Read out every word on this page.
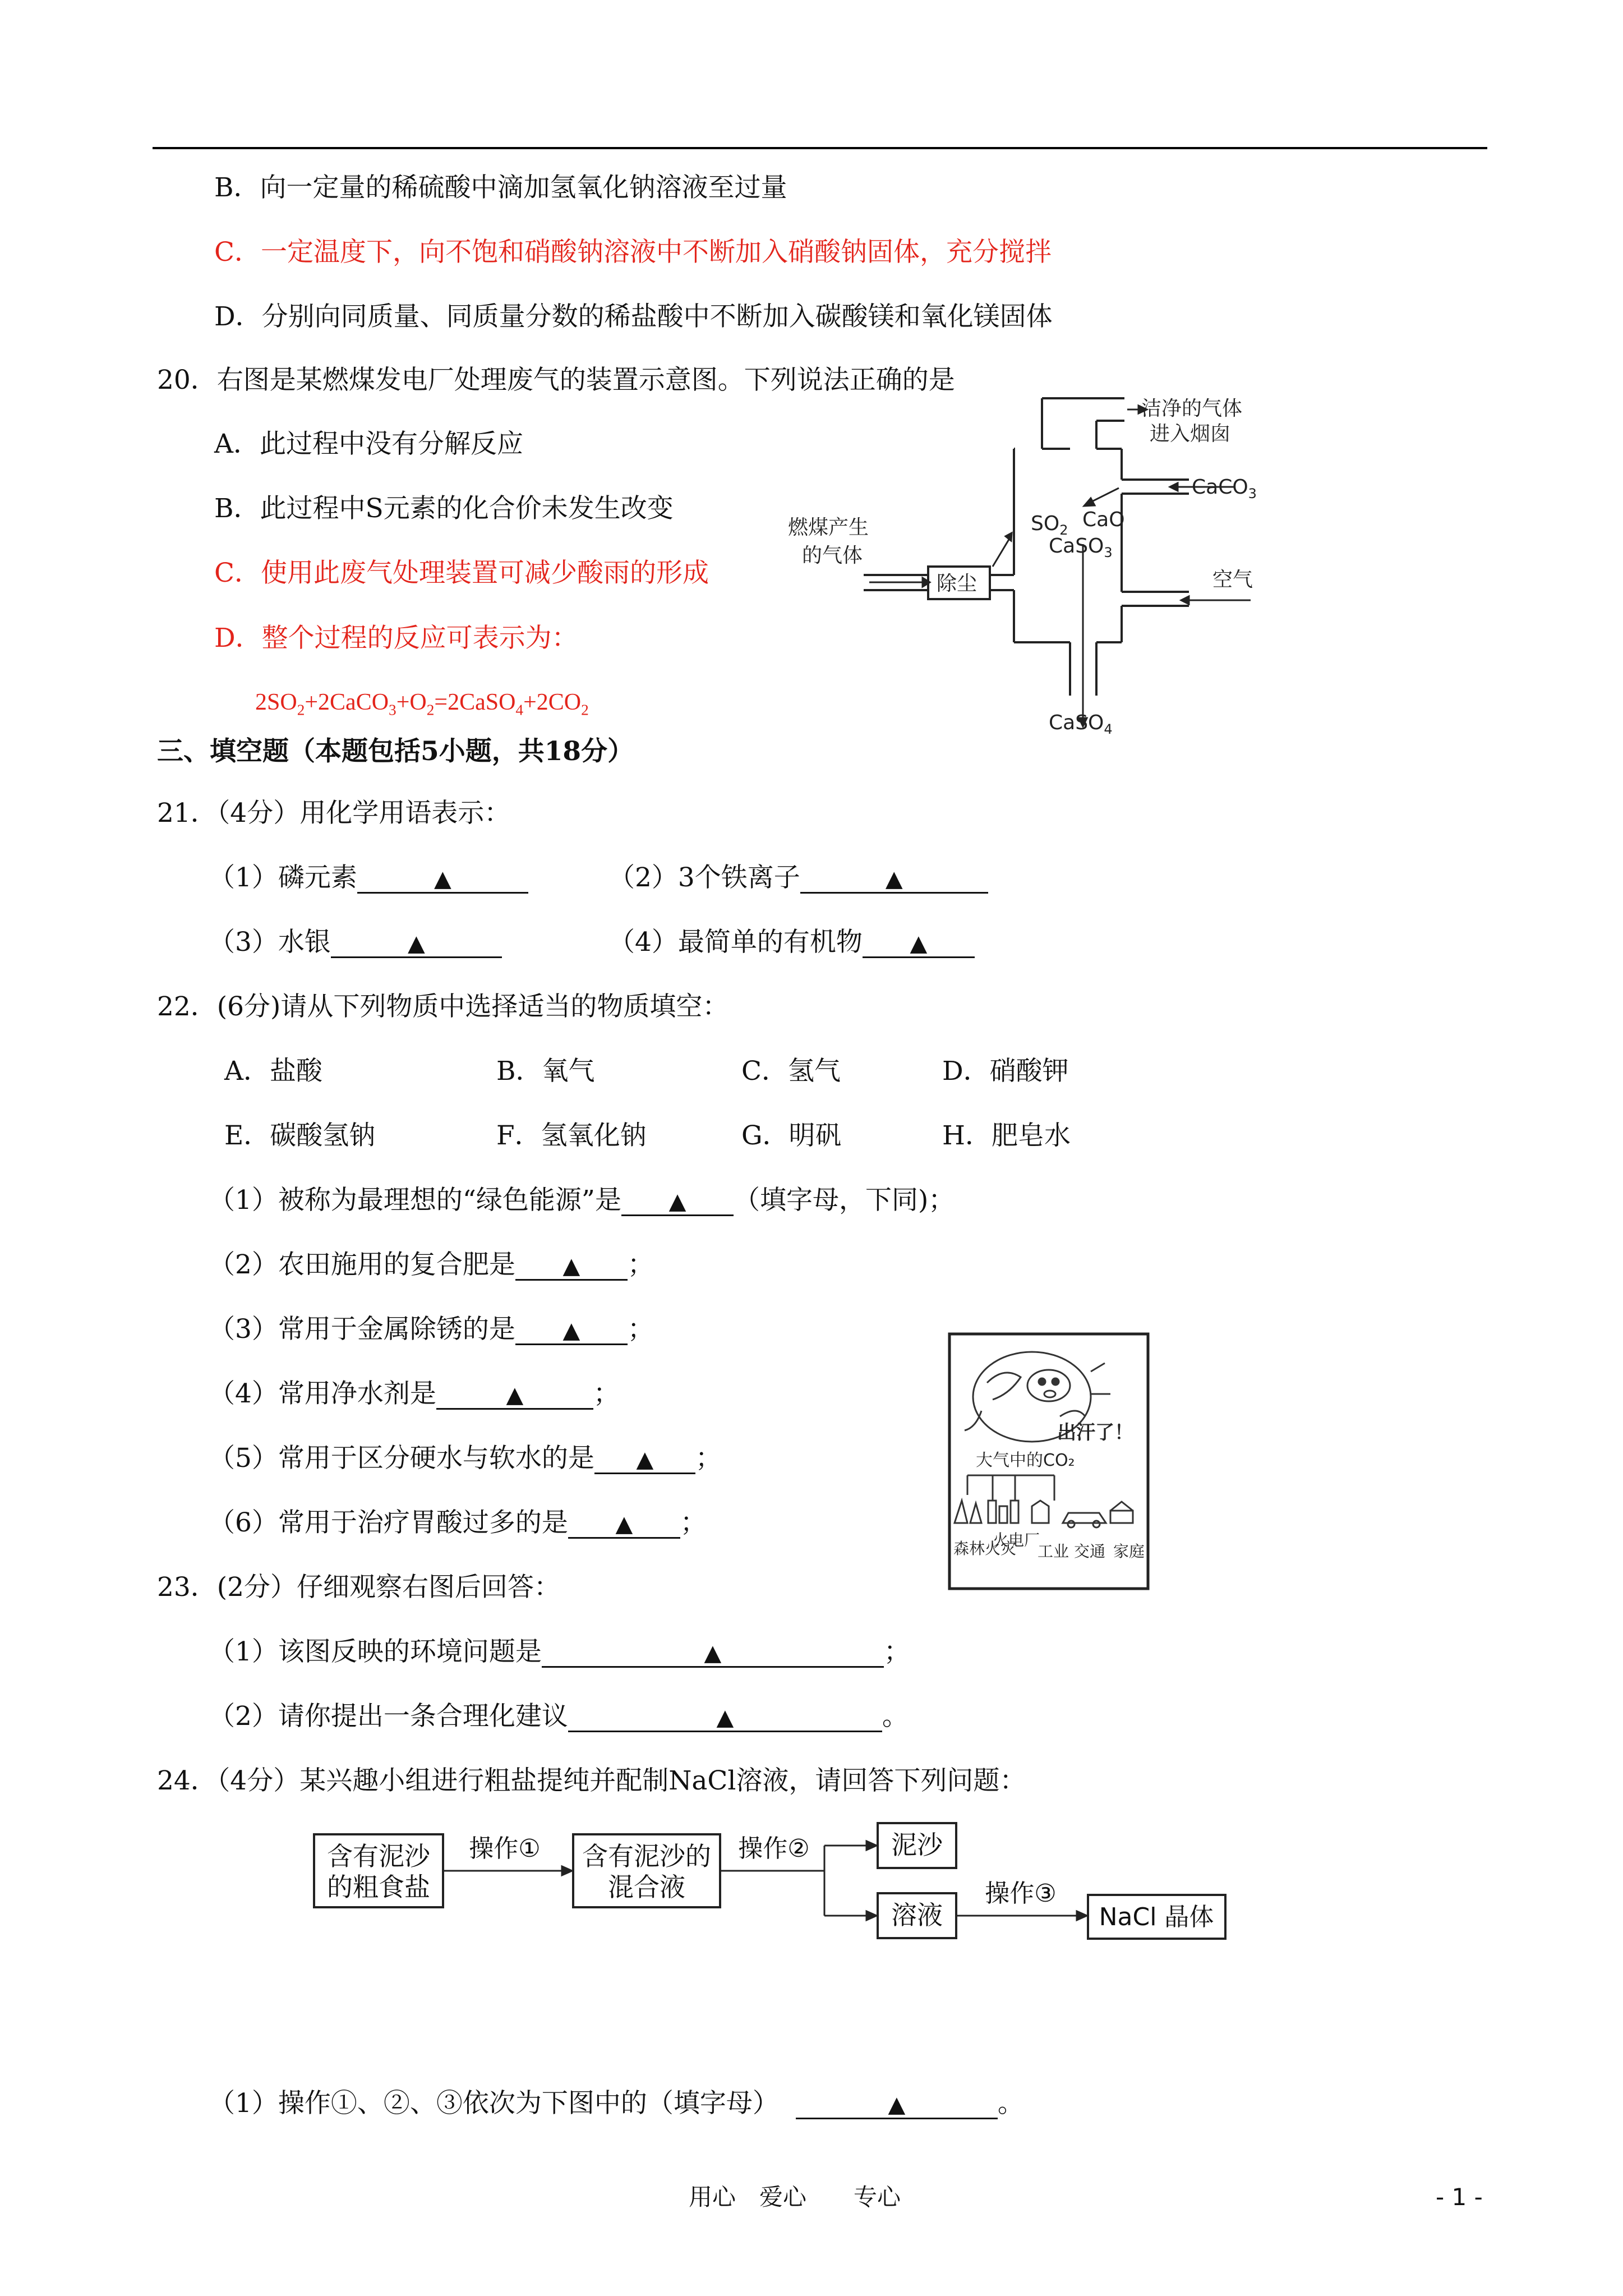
B．向一定量的稀硫酸中滴加氢氧化钠溶液至过量
C．一定温度下，向不饱和硝酸钠溶液中不断加入硝酸钠固体，充分搅拌
D．分别向同质量、同质量分数的稀盐酸中不断加入碳酸镁和氧化镁固体
20．右图是某燃煤发电厂处理废气的装置示意图。下列说法正确的是
A．此过程中没有分解反应
B．此过程中S元素的化合价未发生改变
C．使用此废气处理装置可减少酸雨的形成
D．整个过程的反应可表示为：
$2SO_2+2CaCO_3+O_2=2CaSO_4+2CO_2$
洁净的气体
进入烟囱
CaCO$_3$
$SO_2$ CaO
CaSO$_3$
燃煤产生
的气体
除尘	空气
CaSO$_4$
三、填空题（本题包括5小题，共18分）
21．（4分）用化学用语表示：
（1）磷元素	▲	（2）3个铁离子	▲
（3）水银	▲	（4）最简单的有机物 ▲
22．(6分)请从下列物质中选择适当的物质填空：
A．盐酸	B．氧气	C．氢气	D．硝酸钾
E．碳酸氢钠	F．氢氧化钠	G．明矾	H．肥皂水
（1）被称为最理想的“绿色能源”是 ▲ （填字母，下同)；
（2）农田施用的复合肥是 ▲ ；
（3）常用于金属除锈的是 ▲ ；
（4）常用净水剂是	▲	；
（5）常用于区分硬水与软水的是 ▲ ；
（6）常用于治疗胃酸过多的是 ▲ ；
出汗了！
大气中的CO₂
森林火灾
火电厂
工业 交通 家庭
23．(2分）仔细观察右图后回答：
（1）该图反映的环境问题是	▲	；
（2）请你提出一条合理化建议	▲	。
24．（4分）某兴趣小组进行粗盐提纯并配制NaCl溶液，请回答下列问题：
含有泥沙
的粗食盐
操作① 含有泥沙的
混合液
操作②	泥沙
溶液
操作③
NaCl 晶体
（1）操作①、②、③依次为下图中的（填字母）	▲	。
用心　爱心　　专心	- 1 -
